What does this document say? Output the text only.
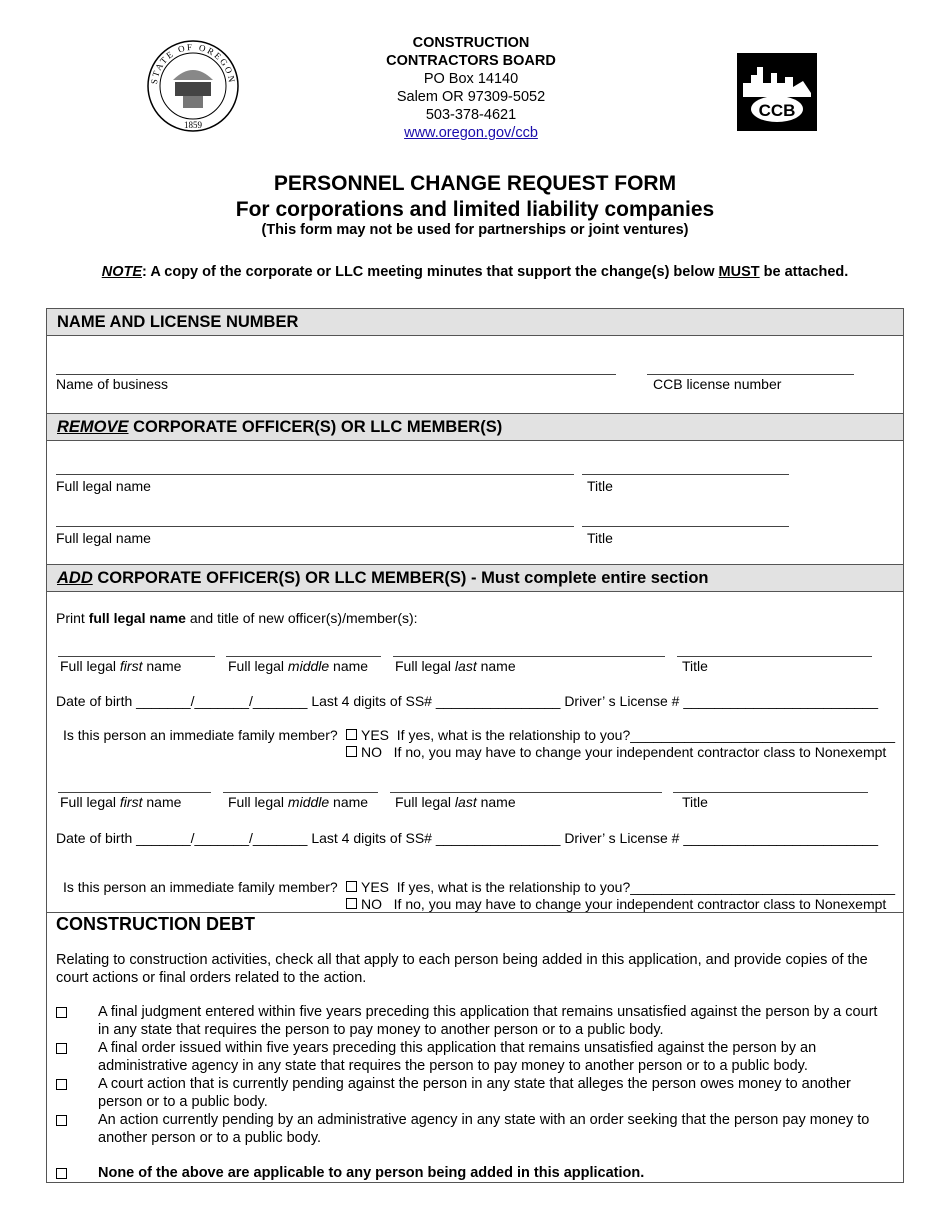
STATE OF OREGON
1859
CONSTRUCTION
CONTRACTORS BOARD
PO Box 14140
Salem OR 97309-5052
503-378-4621
www.oregon.gov/ccb
CCB
PERSONNEL CHANGE REQUEST FORM
For corporations and limited liability companies
(This form may not be used for partnerships or joint ventures)
NOTE: A copy of the corporate or LLC meeting minutes that support the change(s) below MUST be attached.
NAME AND LICENSE NUMBER
Name of business	CCB license number
REMOVE CORPORATE OFFICER(S) OR LLC MEMBER(S)
Full legal name	Title
Full legal name	Title
ADD CORPORATE OFFICER(S) OR LLC MEMBER(S) - Must complete entire section
Print full legal name and title of new officer(s)/member(s):
Full legal first name	Full legal middle name Full legal last name	Title
Date of birth _______/_______/_______ Last 4 digits of SS# ________________ Driver’ s License # _________________________
Is this person an immediate family member?	YES If yes, what is the relationship to you?__________________________________
NO If no, you may have to change your independent contractor class to Nonexempt
Full legal first name	Full legal middle name Full legal last name	Title
Date of birth _______/_______/_______ Last 4 digits of SS# ________________ Driver’ s License # _________________________
Is this person an immediate family member?	YES If yes, what is the relationship to you?__________________________________
NO If no, you may have to change your independent contractor class to Nonexempt
CONSTRUCTION DEBT
Relating to construction activities, check all that apply to each person being added in this application, and provide copies of the court actions or final orders related to the action.
A final judgment entered within five years preceding this application that remains unsatisfied against the person by a court in any state that requires the person to pay money to another person or to a public body.
A final order issued within five years preceding this application that remains unsatisfied against the person by an administrative agency in any state that requires the person to pay money to another person or to a public body.
A court action that is currently pending against the person in any state that alleges the person owes money to another person or to a public body.
An action currently pending by an administrative agency in any state with an order seeking that the person pay money to another person or to a public body.
None of the above are applicable to any person being added in this application.
